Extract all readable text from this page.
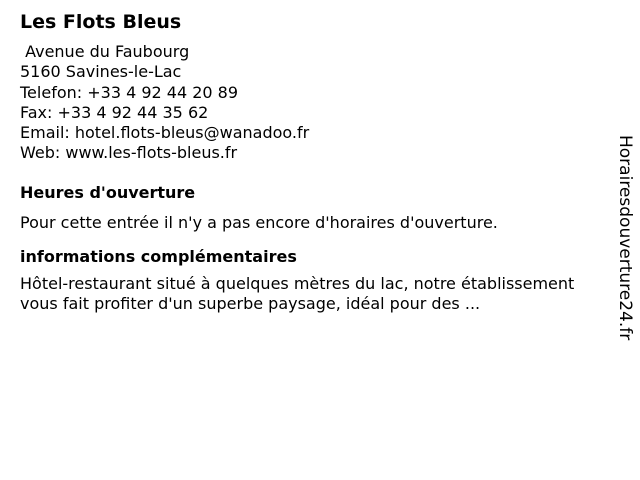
Les Flots Bleus
Avenue du Faubourg
5160 Savines-le-Lac
Telefon: +33 4 92 44 20 89
Fax: +33 4 92 44 35 62
Email: hotel.flots-bleus@wanadoo.fr
Web: www.les-flots-bleus.fr
Heures d'ouverture

Pour cette entrée il n'y a pas encore d'horaires d'ouverture.

informations complémentaires

Hôtel-restaurant situé à quelques mètres du lac, notre établissement vous fait profiter d'un superbe paysage, idéal pour des ...	Horairesdouverture24.fr
